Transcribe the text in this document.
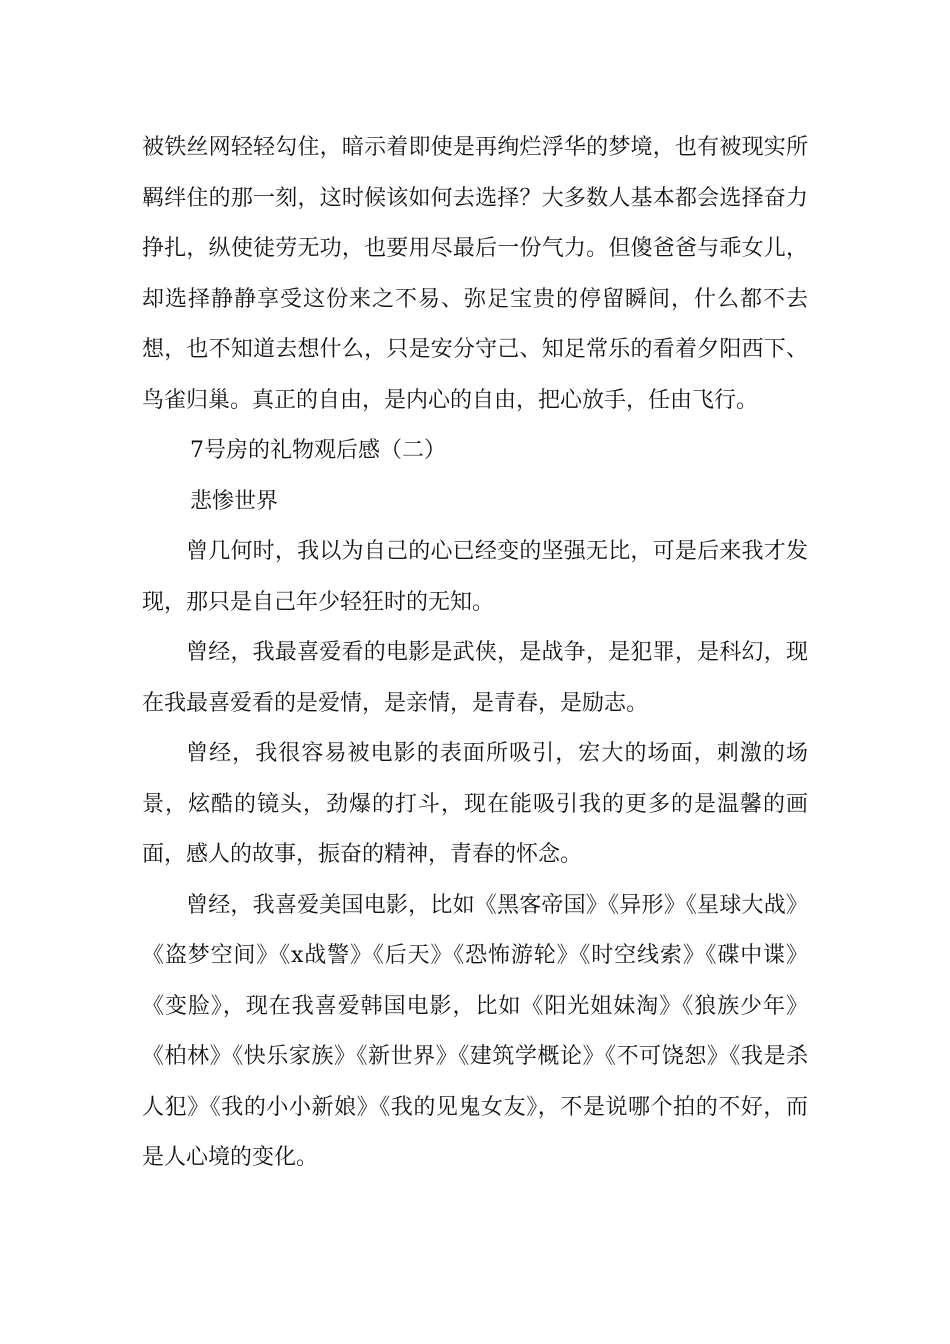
被铁丝网轻轻勾住，暗示着即使是再绚烂浮华的梦境，也有被现实所羁绊住的那一刻，这时候该如何去选择？大多数人基本都会选择奋力挣扎，纵使徒劳无功，也要用尽最后一份气力。但傻爸爸与乖女儿，却选择静静享受这份来之不易、弥足宝贵的停留瞬间，什么都不去想，也不知道去想什么，只是安分守己、知足常乐的看着夕阳西下、鸟雀归巢。真正的自由，是内心的自由，把心放手，任由飞行。

7号房的礼物观后感（二）

悲惨世界

曾几何时，我以为自己的心已经变的坚强无比，可是后来我才发现，那只是自己年少轻狂时的无知。

曾经，我最喜爱看的电影是武侠，是战争，是犯罪，是科幻，现在我最喜爱看的是爱情，是亲情，是青春，是励志。

曾经，我很容易被电影的表面所吸引，宏大的场面，刺激的场景，炫酷的镜头，劲爆的打斗，现在能吸引我的更多的是温馨的画面，感人的故事，振奋的精神，青春的怀念。

曾经，我喜爱美国电影，比如《黑客帝国》《异形》《星球大战》《盗梦空间》《x战警》《后天》《恐怖游轮》《时空线索》《碟中谍》《变脸》，现在我喜爱韩国电影，比如《阳光姐妹淘》《狼族少年》《柏林》《快乐家族》《新世界》《建筑学概论》《不可饶恕》《我是杀人犯》《我的小小新娘》《我的见鬼女友》，不是说哪个拍的不好，而是人心境的变化。
